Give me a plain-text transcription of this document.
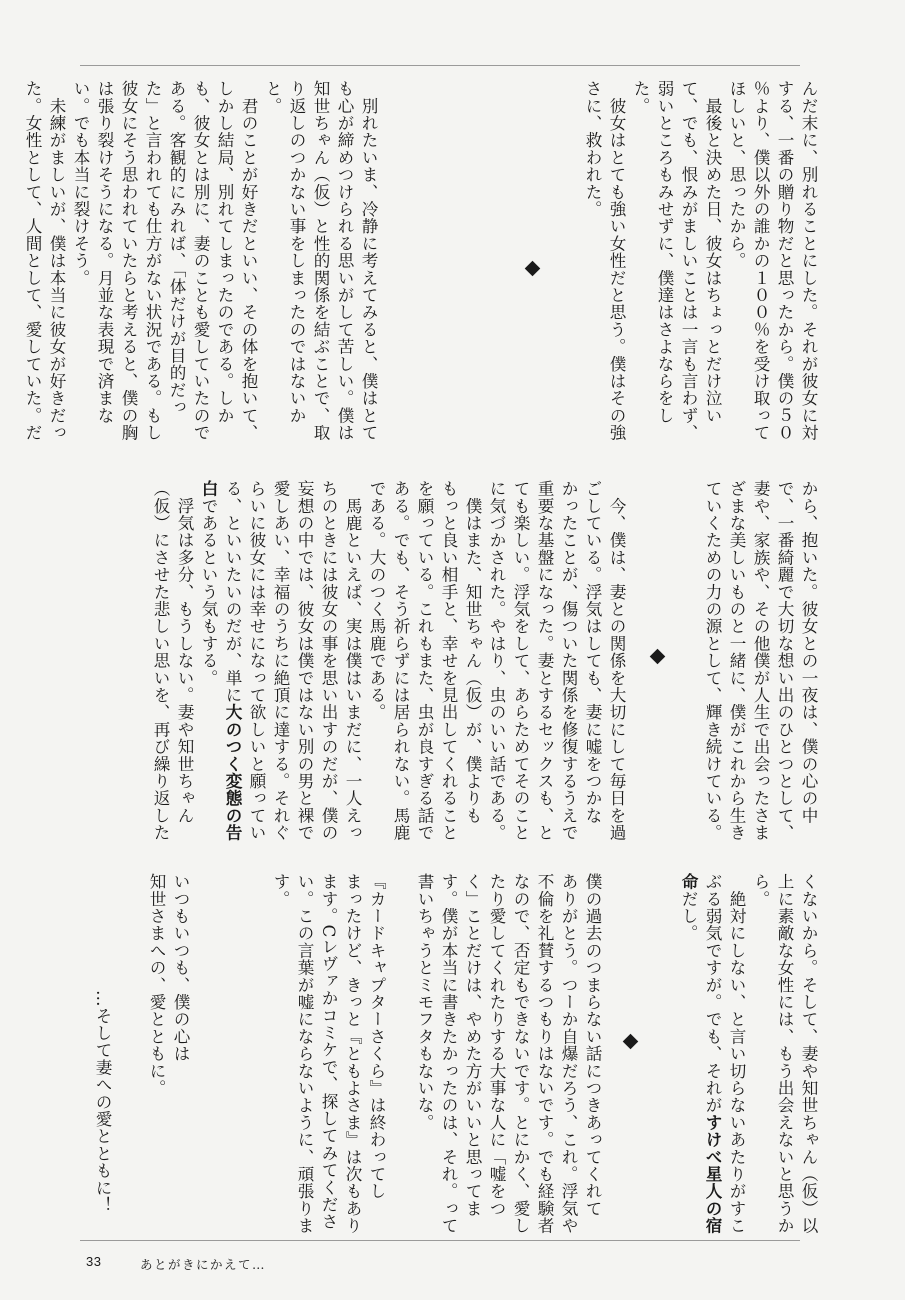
んだ末に、別れることにした。それが彼女に対
する、一番の贈り物だと思ったから。僕の５０
％より、僕以外の誰かの１００％を受け取って
ほしいと、思ったから。
　最後と決めた日、彼女はちょっとだけ泣い
て、でも、恨みがましいことは一言も言わず、
弱いところもみせずに、僕達はさよならをし
た。
　彼女はとても強い女性だと思う。僕はその強
さに、救われた。
　別れたいま、冷静に考えてみると、僕はとて
も心が締めつけられる思いがして苦しい。僕は
知世ちゃん（仮）と性的関係を結ぶことで、取
り返しのつかない事をしまったのではないか
と。
　君のことが好きだといい、その体を抱いて、
しかし結局、別れてしまったのである。しか
も、彼女とは別に、妻のことも愛していたので
ある。客観的にみれば、「体だけが目的だっ
た」と言われても仕方がない状況である。もし
彼女にそう思われていたらと考えると、僕の胸
は張り裂けそうになる。月並な表現で済まな
い。でも本当に裂けそう。
　未練がましいが、僕は本当に彼女が好きだっ
た。女性として、人間として、愛していた。だ
から、抱いた。彼女との一夜は、僕の心の中
で、一番綺麗で大切な想い出のひとつとして、
妻や、家族や、その他僕が人生で出会ったさま
ざまな美しいものと一緒に、僕がこれから生き
ていくための力の源として、輝き続けている。

　今、僕は、妻との関係を大切にして毎日を過
ごしている。浮気はしても、妻に嘘をつかな
かったことが、傷ついた関係を修復するうえで
重要な基盤になった。妻とするセックスも、と
ても楽しい。浮気をして、あらためてそのこと
に気づかされた。やはり、虫のいい話である。
　僕はまた、知世ちゃん（仮）が、僕よりも
もっと良い相手と、幸せを見出してくれること
を願っている。これもまた、虫が良すぎる話で
ある。でも、そう祈らずには居られない。馬鹿
である。大のつく馬鹿である。
　馬鹿といえば、実は僕はいまだに、一人えっ
ちのときには彼女の事を思い出すのだが、僕の
妄想の中では、彼女は僕ではない別の男と裸で
愛しあい、幸福のうちに絶頂に達する。それぐ
らいに彼女には幸せになって欲しいと願ってい
る、といいたいのだが、単に大のつく変態の告
白であるという気もする。
　浮気は多分、もうしない。妻や知世ちゃん
（仮）にさせた悲しい思いを、再び繰り返した
くないから。そして、妻や知世ちゃん（仮）以
上に素敵な女性には、もう出会えないと思うか
ら。
　絶対にしない、と言い切らないあたりがすこ
ぶる弱気ですが。でも、それがすけべ星人の宿
命だし。

僕の過去のつまらない話につきあってくれて
ありがとう。つーか自爆だろう、これ。浮気や
不倫を礼賛するつもりはないです。でも経験者
なので、否定もできないです。とにかく、愛し
たり愛してくれたりする大事な人に「嘘をつ
く」ことだけは、やめた方がいいと思ってま
す。僕が本当に書きたかったのは、それ。って
書いちゃうとミモフタもないな。

『カードキャプターさくら』は終わってし
まったけど、きっと『ともよさま』は次もあり
ます。Cレヴァかコミケで、探してみてくださ
い。この言葉が嘘にならないように、頑張りま
す。
いつもいつも、僕の心は
知世さまへの、愛とともに。
…そして妻への愛とともに！
33	あとがきにかえて…
